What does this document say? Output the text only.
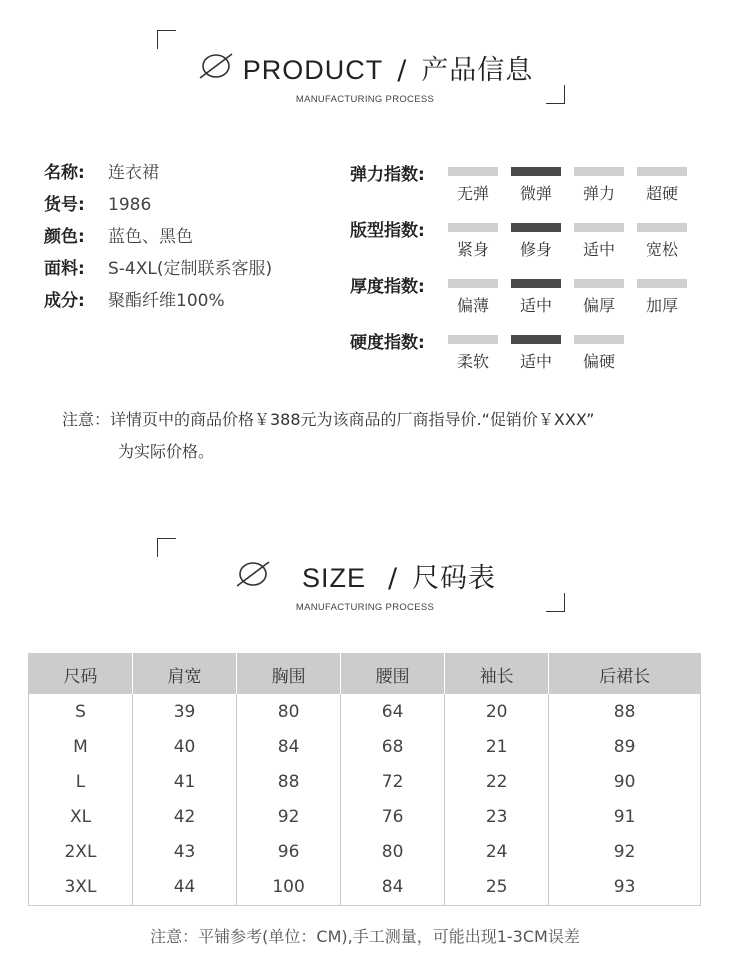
PRODUCT / 产品信息
MANUFACTURING PROCESS
名称: 连衣裙
货号: 1986
颜色: 蓝色、黑色
面料: S-4XL(定制联系客服)
成分: 聚酯纤维100%
弹力指数:
无弹	微弹	弹力	超硬
版型指数:
紧身	修身	适中	宽松
厚度指数:
偏薄	适中	偏厚	加厚
硬度指数:
柔软	适中	偏硬
注意：详情页中的商品价格￥388元为该商品的厂商指导价.“促销价￥XXX”
为实际价格。
SIZE / 尺码表
MANUFACTURING PROCESS
尺码	肩宽	胸围	腰围	袖长	后裙长
S	39	80	64	20	88
M	40	84	68	21	89
L	41	88	72	22	90
XL	42	92	76	23	91
2XL	43	96	80	24	92
3XL	44	100	84	25	93
注意：平铺参考(单位：CM),手工测量，可能出现1-3CM误差
